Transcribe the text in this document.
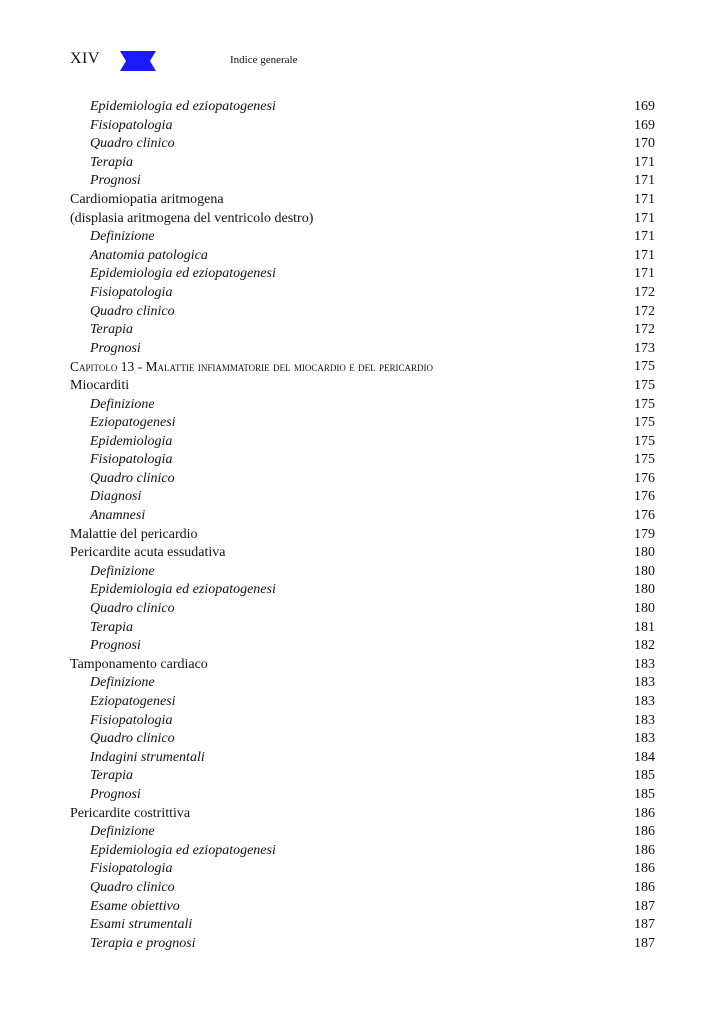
XIV	Indice generale
Epidemiologia ed eziopatogenesi	169
Fisiopatologia	169
Quadro clinico	170
Terapia	171
Prognosi	171
Cardiomiopatia aritmogena	171
(displasia aritmogena del ventricolo destro)	171
Definizione	171
Anatomia patologica	171
Epidemiologia ed eziopatogenesi	171
Fisiopatologia	172
Quadro clinico	172
Terapia	172
Prognosi	173
Capitolo 13 - Malattie infiammatorie del miocardio e del pericardio	175
Miocarditi	175
Definizione	175
Eziopatogenesi	175
Epidemiologia	175
Fisiopatologia	175
Quadro clinico	176
Diagnosi	176
Anamnesi	176
Malattie del pericardio	179
Pericardite acuta essudativa	180
Definizione	180
Epidemiologia ed eziopatogenesi	180
Quadro clinico	180
Terapia	181
Prognosi	182
Tamponamento cardiaco	183
Definizione	183
Eziopatogenesi	183
Fisiopatologia	183
Quadro clinico	183
Indagini strumentali	184
Terapia	185
Prognosi	185
Pericardite costrittiva	186
Definizione	186
Epidemiologia ed eziopatogenesi	186
Fisiopatologia	186
Quadro clinico	186
Esame obiettivo	187
Esami strumentali	187
Terapia e prognosi	187
